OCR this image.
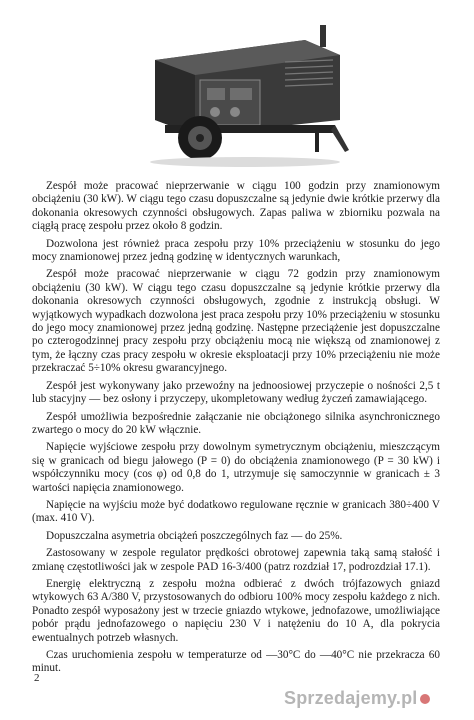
Zespół może pracować nieprzerwanie w ciągu 100 godzin przy znamionowym obciążeniu (30 kW). W ciągu tego czasu dopuszczalne są jedynie dwie krótkie przerwy dla dokonania okresowych czynności obsługowych. Zapas paliwa w zbiorniku pozwala na ciągłą pracę zespołu przez około 8 godzin.

Dozwolona jest również praca zespołu przy 10% przeciążeniu w stosunku do jego mocy znamionowej przez jedną godzinę w identycznych warunkach,

Zespół może pracować nieprzerwanie w ciągu 72 godzin przy znamionowym obciążeniu (30 kW). W ciągu tego czasu dopuszczalne są jedynie krótkie przerwy dla dokonania okresowych czynności obsługowych, zgodnie z instrukcją obsługi. W wyjątkowych wypadkach dozwolona jest praca zespołu przy 10% przeciążeniu w stosunku do jego mocy znamionowej przez jedną godzinę. Następne przeciążenie jest dopuszczalne po czterogodzinnej pracy zespołu przy obciążeniu mocą nie większą od znamionowej z tym, że łączny czas pracy zespołu w okresie eksploatacji przy 10% przeciążeniu nie może przekraczać 5÷10% okresu gwarancyjnego.

Zespół jest wykonywany jako przewoźny na jednoosiowej przyczepie o nośności 2,5 t lub stacyjny — bez osłony i przyczepy, ukompletowany według życzeń zamawiającego.

Zespół umożliwia bezpośrednie załączanie nie obciążonego silnika asynchronicznego zwartego o mocy do 20 kW włącznie.

Napięcie wyjściowe zespołu przy dowolnym symetrycznym obciążeniu, mieszczącym się w granicach od biegu jałowego (P = 0) do obciążenia znamionowego (P = 30 kW) i współczynniku mocy (cos φ) od 0,8 do 1, utrzymuje się samoczynnie w granicach ± 3 wartości napięcia znamionowego.

Napięcie na wyjściu może być dodatkowo regulowane ręcznie w granicach 380÷400 V (max. 410 V).

Dopuszczalna asymetria obciążeń poszczególnych faz — do 25%.

Zastosowany w zespole regulator prędkości obrotowej zapewnia taką samą stałość i zmianę częstotliwości jak w zespole PAD 16-3/400 (patrz rozdział 17, podrozdział 17.1).

Energię elektryczną z zespołu można odbierać z dwóch trójfazowych gniazd wtykowych 63 A/380 V, przystosowanych do odbioru 100% mocy zespołu każdego z nich. Ponadto zespół wyposażony jest w trzecie gniazdo wtykowe, jednofazowe, umożliwiające pobór prądu jednofazowego o napięciu 230 V i natężeniu do 10 A, dla pokrycia ewentualnych potrzeb własnych.

Czas uruchomienia zespołu w temperaturze od —30°C do —40°C nie przekracza 60 minut.

2
Sprzedajemy.pl
